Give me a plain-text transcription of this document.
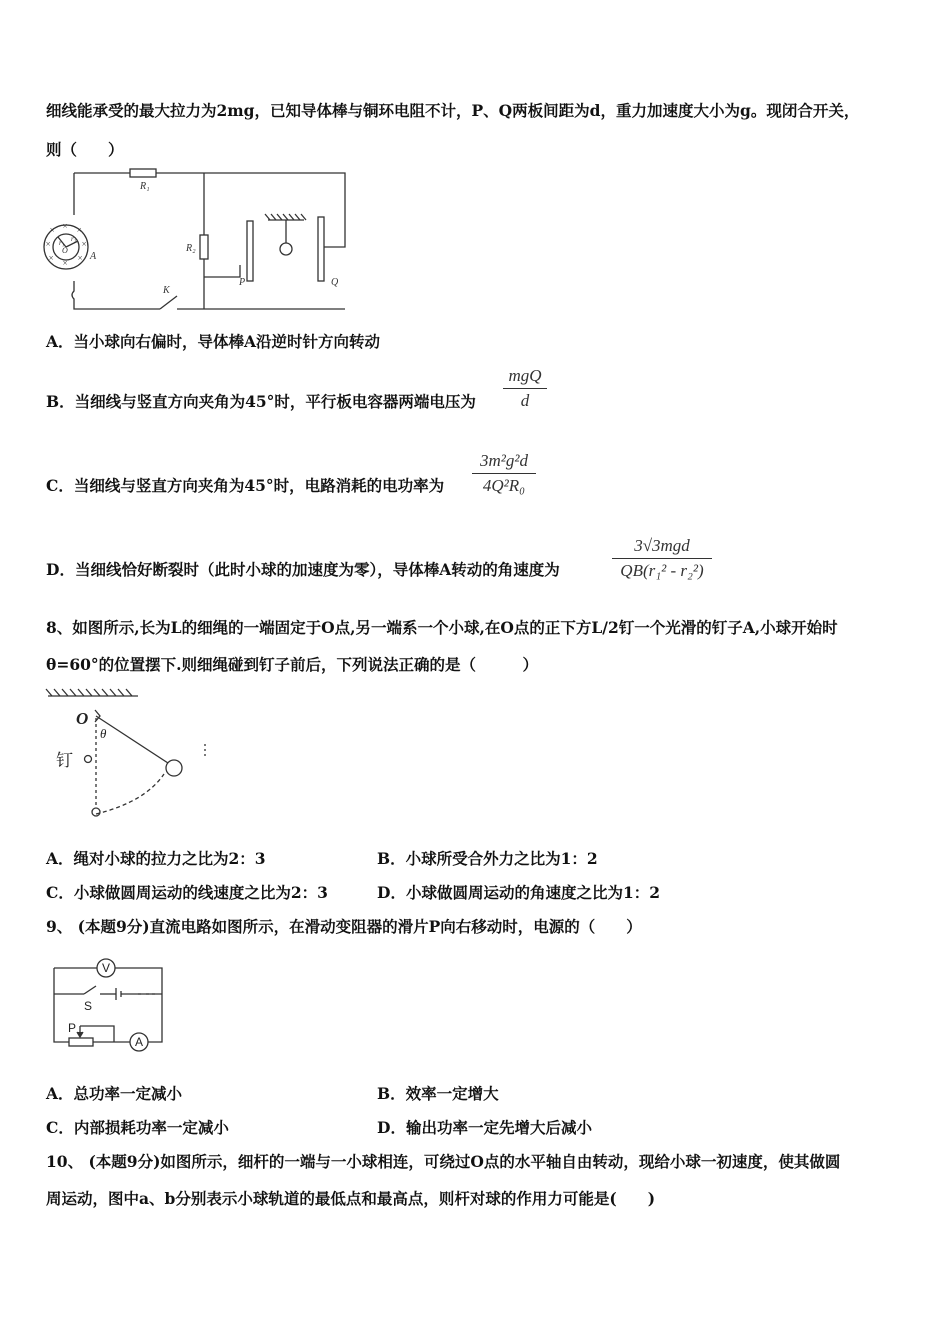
细线能承受的最大拉力为2mg，已知导体棒与铜环电阻不计，P、Q两板间距为d，重力加速度大小为g。现闭合开关，
则（　　）
× × ×
×	×
× × ×
R₁
R₂
A
P	Q
K
O
r₁ r₂
A．当小球向右偏时，导体棒A沿逆时针方向转动
B．当细线与竖直方向夹角为45°时，平行板电容器两端电压为
mgQ
d
C．当细线与竖直方向夹角为45°时，电路消耗的电功率为 $\frac{\text{3m²g²d}}{\text{4Q²R₀}}$
D．当细线恰好断裂时（此时小球的加速度为零），导体棒A转动的角速度为
3√3mgd
QB(r₁² - r₂²)
8、如图所示,长为L的细绳的一端固定于O点,另一端系一个小球,在O点的正下方L/2钉一个光滑的钉子A,小球开始时
θ=60°的位置摆下.则细绳碰到钉子前后，下列说法正确的是（　　　）
O
θ
钉
A．绳对小球的拉力之比为2：3	B．小球所受合外力之比为1：2
C．小球做圆周运动的线速度之比为2：3	D．小球做圆周运动的角速度之比为1：2
9、 (本题9分)直流电路如图所示，在滑动变阻器的滑片P向右移动时，电源的（　　）
V
S
P
A
A．总功率一定减小	B．效率一定增大
C．内部损耗功率一定减小	D．输出功率一定先增大后减小
10、 (本题9分)如图所示，细杆的一端与一小球相连，可绕过O点的水平轴自由转动，现给小球一初速度，使其做圆
周运动，图中a、b分别表示小球轨道的最低点和最高点，则杆对球的作用力可能是(　　)
